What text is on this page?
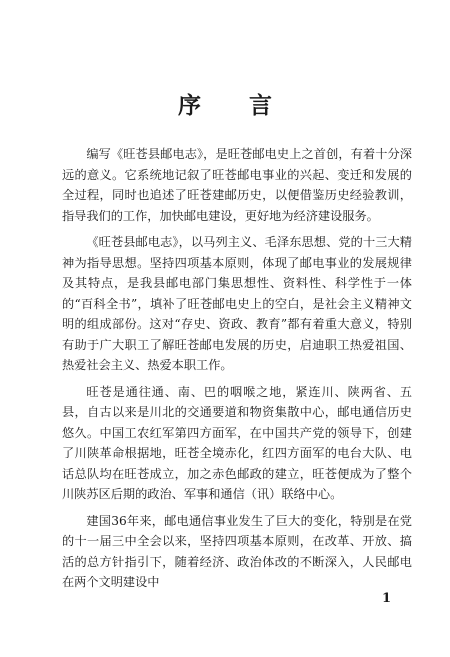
序 言

编写《旺苍县邮电志》，是旺苍邮电史上之首创，有着十分深远的意义。它系统地记叙了旺苍邮电事业的兴起、变迁和发展的全过程，同时也追述了旺苍建邮历史，以便借鉴历史经验教训，指导我们的工作，加快邮电建设，更好地为经济建设服务。

《旺苍县邮电志》，以马列主义、毛泽东思想、党的十三大精神为指导思想。坚持四项基本原则，体现了邮电事业的发展规律及其特点，是我县邮电部门集思想性、资料性、科学性于一体的“百科全书”，填补了旺苍邮电史上的空白，是社会主义精神文明的组成部份。这对“存史、资政、教育”都有着重大意义，特别有助于广大职工了解旺苍邮电发展的历史，启迪职工热爱祖国、热爱社会主义、热爱本职工作。

旺苍是通往通、南、巴的咽喉之地，紧连川、陕两省、五县，自古以来是川北的交通要道和物资集散中心，邮电通信历史悠久。中国工农红军第四方面军，在中国共产党的领导下，创建了川陕革命根据地，旺苍全境赤化，红四方面军的电台大队、电话总队均在旺苍成立，加之赤色邮政的建立，旺苍便成为了整个川陕苏区后期的政治、军事和通信（讯）联络中心。

建国36年来，邮电通信事业发生了巨大的变化，特别是在党的十一届三中全会以来，坚持四项基本原则，在改革、开放、搞活的总方针指引下，随着经济、政治体改的不断深入，人民邮电在两个文明建设中

1
